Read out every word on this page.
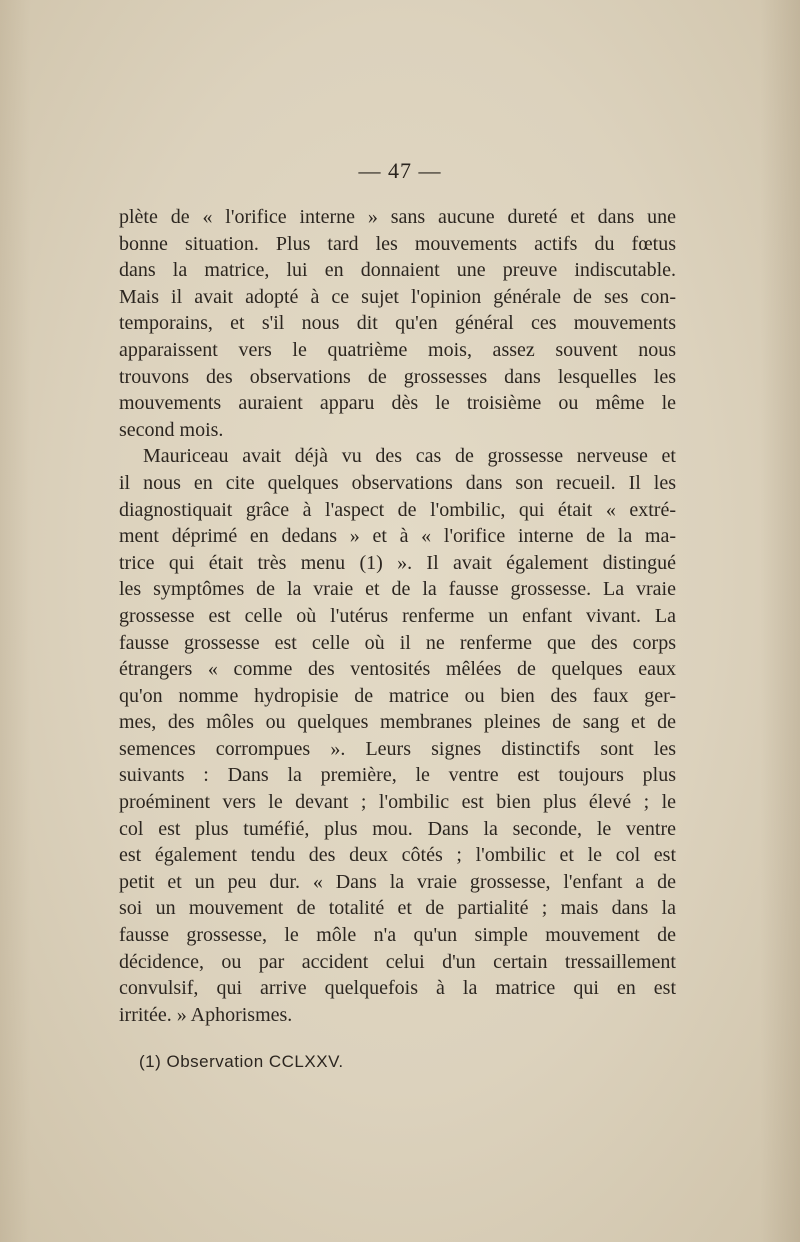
— 47 —
plète de « l'orifice interne » sans aucune dureté et dans une
bonne situation. Plus tard les mouvements actifs du fœtus
dans la matrice, lui en donnaient une preuve indiscutable.
Mais il avait adopté à ce sujet l'opinion générale de ses con-
temporains, et s'il nous dit qu'en général ces mouvements
apparaissent vers le quatrième mois, assez souvent nous
trouvons des observations de grossesses dans lesquelles les
mouvements auraient apparu dès le troisième ou même le
second mois.
Mauriceau avait déjà vu des cas de grossesse nerveuse et
il nous en cite quelques observations dans son recueil. Il les
diagnostiquait grâce à l'aspect de l'ombilic, qui était « extré-
ment déprimé en dedans » et à « l'orifice interne de la ma-
trice qui était très menu (1) ». Il avait également distingué
les symptômes de la vraie et de la fausse grossesse. La vraie
grossesse est celle où l'utérus renferme un enfant vivant. La
fausse grossesse est celle où il ne renferme que des corps
étrangers « comme des ventosités mêlées de quelques eaux
qu'on nomme hydropisie de matrice ou bien des faux ger-
mes, des môles ou quelques membranes pleines de sang et de
semences corrompues ». Leurs signes distinctifs sont les
suivants : Dans la première, le ventre est toujours plus
proéminent vers le devant ; l'ombilic est bien plus élevé ; le
col est plus tuméfié, plus mou. Dans la seconde, le ventre
est également tendu des deux côtés ; l'ombilic et le col est
petit et un peu dur. « Dans la vraie grossesse, l'enfant a de
soi un mouvement de totalité et de partialité ; mais dans la
fausse grossesse, le môle n'a qu'un simple mouvement de
décidence, ou par accident celui d'un certain tressaillement
convulsif, qui arrive quelquefois à la matrice qui en est
irritée. » Aphorismes.
(1) Observation CCLXXV.
